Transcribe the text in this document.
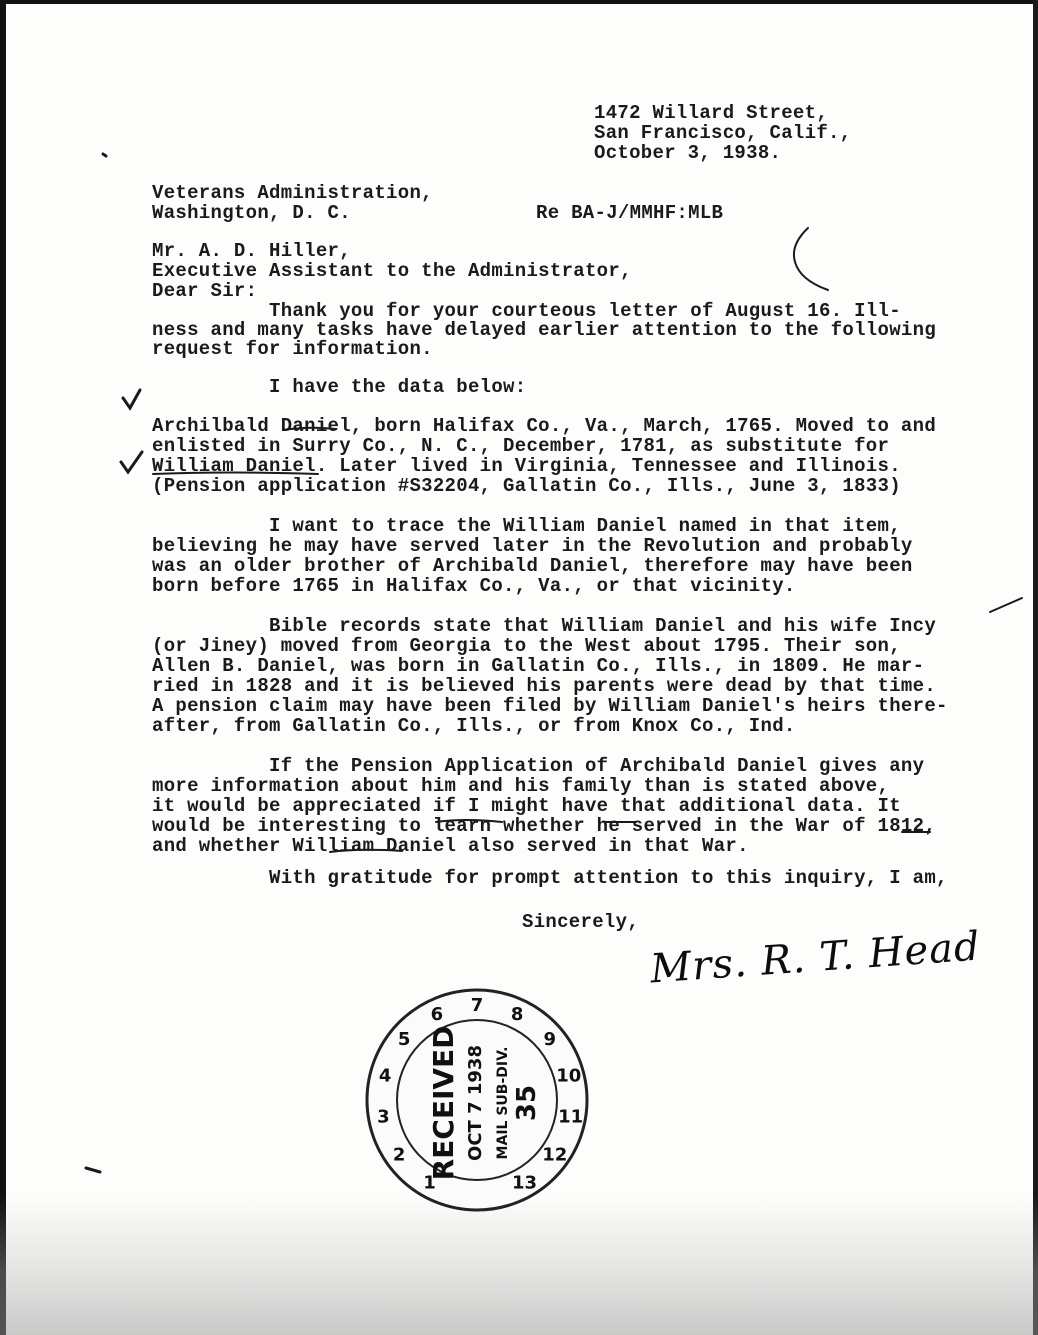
1472 Willard Street,
San Francisco, Calif.,
October 3, 1938.
Veterans Administration,
Washington, D. C.	Re BA-J/MMHF:MLB
Mr. A. D. Hiller,
Executive Assistant to the Administrator,
Dear Sir:
Thank you for your courteous letter of August 16. Ill-
ness and many tasks have delayed earlier attention to the following
request for information.
I have the data below:
Archilbald Daniel, born Halifax Co., Va., March, 1765. Moved to and
enlisted in Surry Co., N. C., December, 1781, as substitute for
William Daniel. Later lived in Virginia, Tennessee and Illinois.
(Pension application #S32204, Gallatin Co., Ills., June 3, 1833)
I want to trace the William Daniel named in that item,
believing he may have served later in the Revolution and probably
was an older brother of Archibald Daniel, therefore may have been
born before 1765 in Halifax Co., Va., or that vicinity.
Bible records state that William Daniel and his wife Incy
(or Jiney) moved from Georgia to the West about 1795. Their son,
Allen B. Daniel, was born in Gallatin Co., Ills., in 1809. He mar-
ried in 1828 and it is believed his parents were dead by that time.
A pension claim may have been filed by William Daniel's heirs there-
after, from Gallatin Co., Ills., or from Knox Co., Ind.
If the Pension Application of Archibald Daniel gives any
more information about him and his family than is stated above,
it would be appreciated if I might have that additional data. It
would be interesting to learn whether he served in the War of 1812,
and whether William Daniel also served in that War.
With gratitude for prompt attention to this inquiry, I am,
Sincerely,
Mrs. R. T. Head
1
2
3
4
5
6 7 8
9
10
11
12
13
RECEIVED OCT 7 1938 MAIL SUB-DIV. 35
